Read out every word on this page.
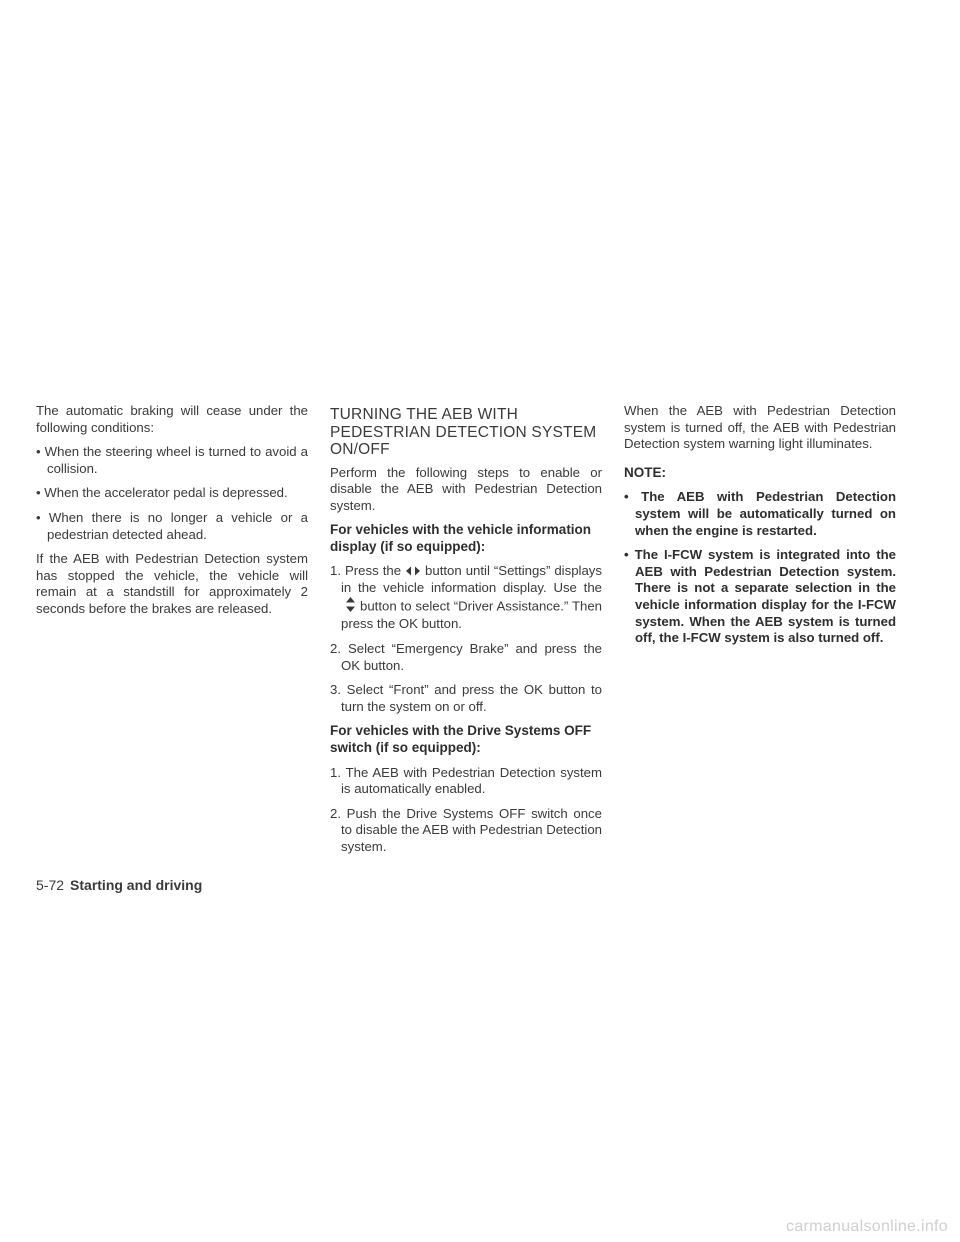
The automatic braking will cease under the following conditions:

• When the steering wheel is turned to avoid a collision.
• When the accelerator pedal is depressed.
• When there is no longer a vehicle or a pedestrian detected ahead.

If the AEB with Pedestrian Detection system has stopped the vehicle, the vehicle will remain at a standstill for approximately 2 seconds before the brakes are released.

TURNING THE AEB WITH PEDESTRIAN DETECTION SYSTEM ON/OFF

Perform the following steps to enable or disable the AEB with Pedestrian Detection system.

For vehicles with the vehicle information display (if so equipped):

1. Press the button until “Settings” displays in the vehicle information display. Use thebutton to select “Driver Assistance.” Then press the OK button.

2. Select “Emergency Brake” and press the OK button.

3. Select “Front” and press the OK button to turn the system on or off.

For vehicles with the Drive Systems OFF switch (if so equipped):

1. The AEB with Pedestrian Detection system is automatically enabled.

2. Push the Drive Systems OFF switch once to disable the AEB with Pedestrian Detection system.

When the AEB with Pedestrian Detection system is turned off, the AEB with Pedestrian Detection system warning light illuminates.

NOTE:
• The AEB with Pedestrian Detection system will be automatically turned on when the engine is restarted.
• The I-FCW system is integrated into the AEB with Pedestrian Detection system. There is not a separate selection in the vehicle information display for the I-FCW system. When the AEB system is turned off, the I-FCW system is also turned off.
5-72 Starting and driving
carmanualsonline.info
